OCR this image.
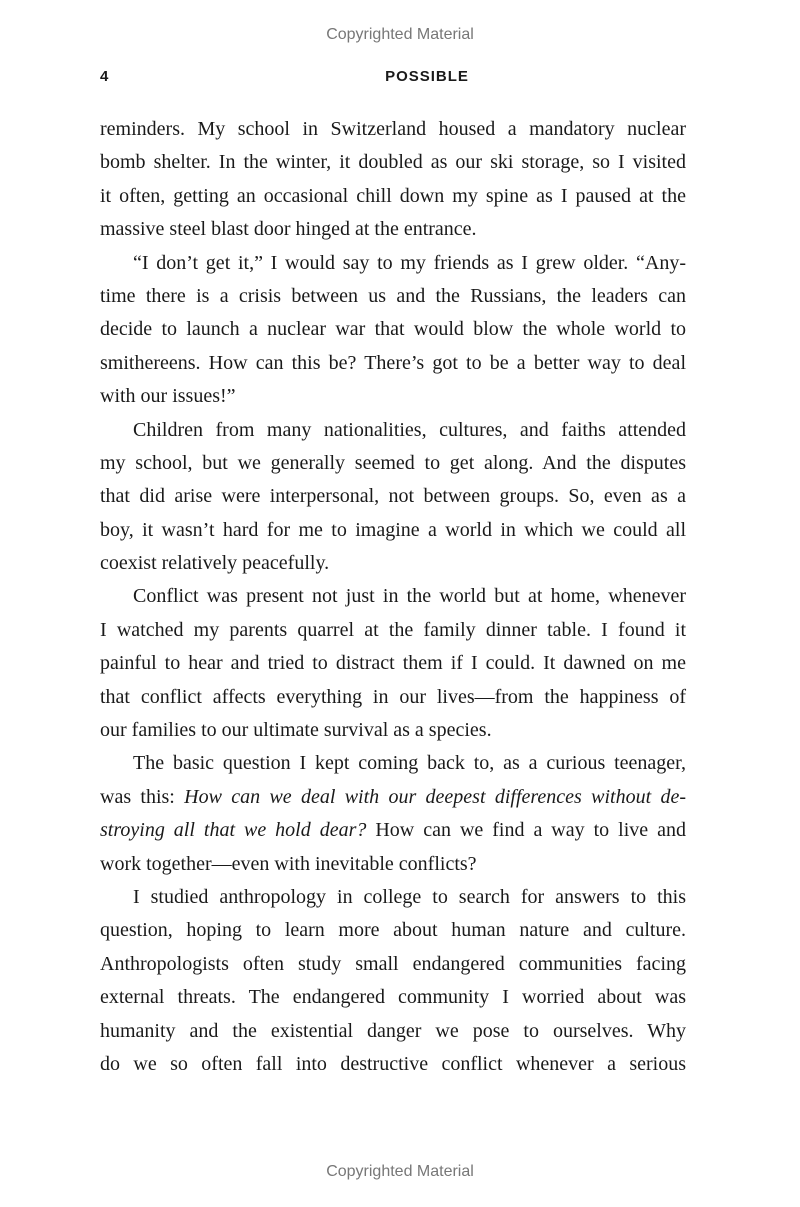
Copyrighted Material
4	POSSIBLE
reminders. My school in Switzerland housed a mandatory nuclear
bomb shelter. In the winter, it doubled as our ski storage, so I visited
it often, getting an occasional chill down my spine as I paused at the
massive steel blast door hinged at the entrance.
“I don’t get it,” I would say to my friends as I grew older. “Any-
time there is a crisis between us and the Russians, the leaders can
decide to launch a nuclear war that would blow the whole world to
smithereens. How can this be? There’s got to be a better way to deal
with our issues!”
Children from many nationalities, cultures, and faiths attended
my school, but we generally seemed to get along. And the disputes
that did arise were interpersonal, not between groups. So, even as a
boy, it wasn’t hard for me to imagine a world in which we could all
coexist relatively peacefully.
Conflict was present not just in the world but at home, whenever
I watched my parents quarrel at the family dinner table. I found it
painful to hear and tried to distract them if I could. It dawned on me
that conflict affects everything in our lives—from the happiness of
our families to our ultimate survival as a species.
The basic question I kept coming back to, as a curious teenager,
was this: How can we deal with our deepest differences without de-
stroying all that we hold dear? How can we find a way to live and
work together—even with inevitable conflicts?
I studied anthropology in college to search for answers to this
question, hoping to learn more about human nature and culture.
Anthropologists often study small endangered communities facing
external threats. The endangered community I worried about was
humanity and the existential danger we pose to ourselves. Why
do we so often fall into destructive conflict whenever a serious
Copyrighted Material
